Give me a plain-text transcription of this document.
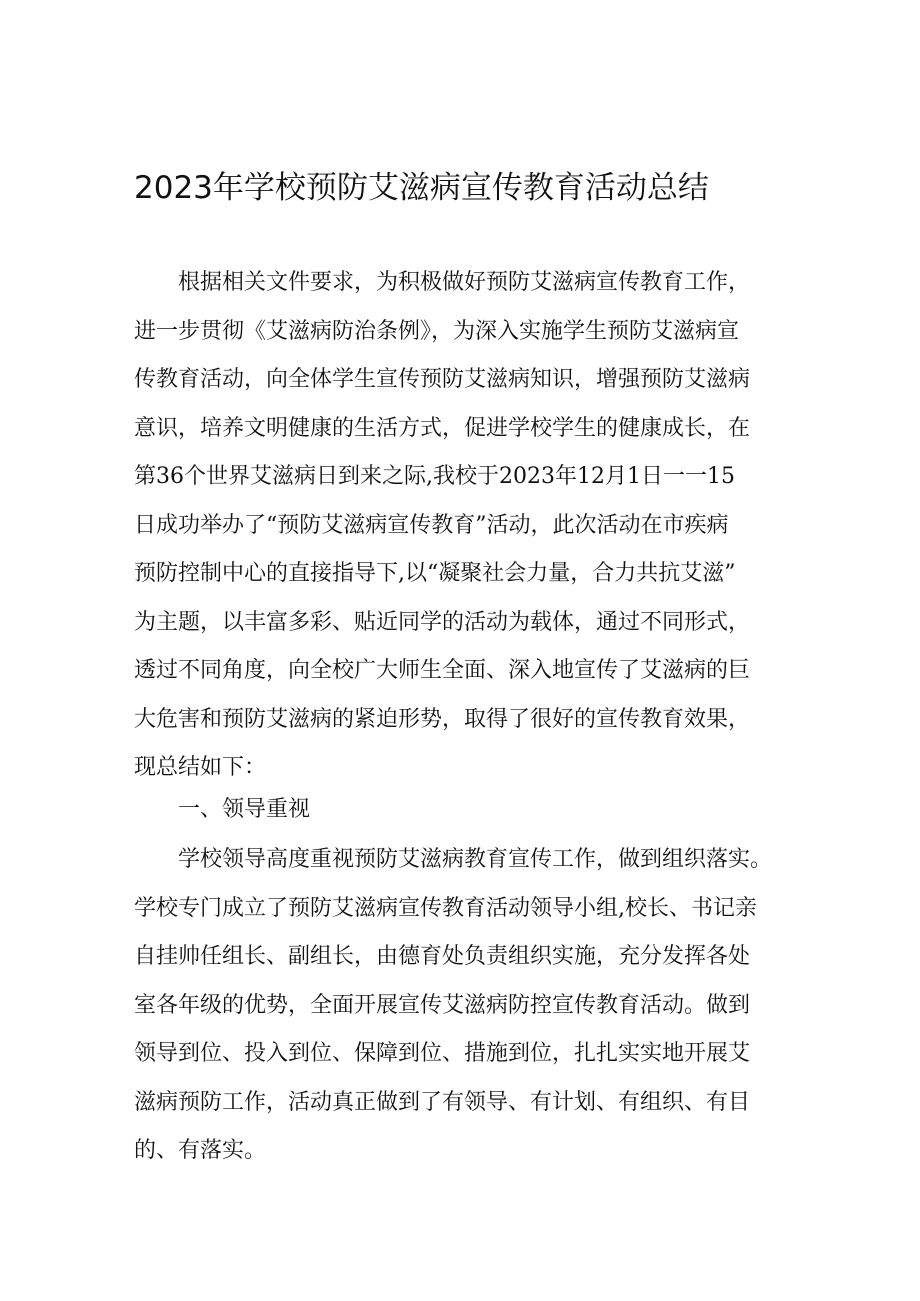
2023年学校预防艾滋病宣传教育活动总结
根据相关文件要求，为积极做好预防艾滋病宣传教育工作，
进一步贯彻《艾滋病防治条例》，为深入实施学生预防艾滋病宣
传教育活动，向全体学生宣传预防艾滋病知识，增强预防艾滋病
意识，培养文明健康的生活方式，促进学校学生的健康成长，在
第36个世界艾滋病日到来之际,我校于2023年12月1日一一15
日成功举办了“预防艾滋病宣传教育”活动，此次活动在市疾病
预防控制中心的直接指导下,以“凝聚社会力量，合力共抗艾滋”
为主题，以丰富多彩、贴近同学的活动为载体，通过不同形式，
透过不同角度，向全校广大师生全面、深入地宣传了艾滋病的巨
大危害和预防艾滋病的紧迫形势，取得了很好的宣传教育效果，
现总结如下：
一、领导重视
学校领导高度重视预防艾滋病教育宣传工作，做到组织落实。
学校专门成立了预防艾滋病宣传教育活动领导小组,校长、书记亲
自挂帅任组长、副组长，由德育处负责组织实施，充分发挥各处
室各年级的优势，全面开展宣传艾滋病防控宣传教育活动。做到
领导到位、投入到位、保障到位、措施到位，扎扎实实地开展艾
滋病预防工作，活动真正做到了有领导、有计划、有组织、有目
的、有落实。
